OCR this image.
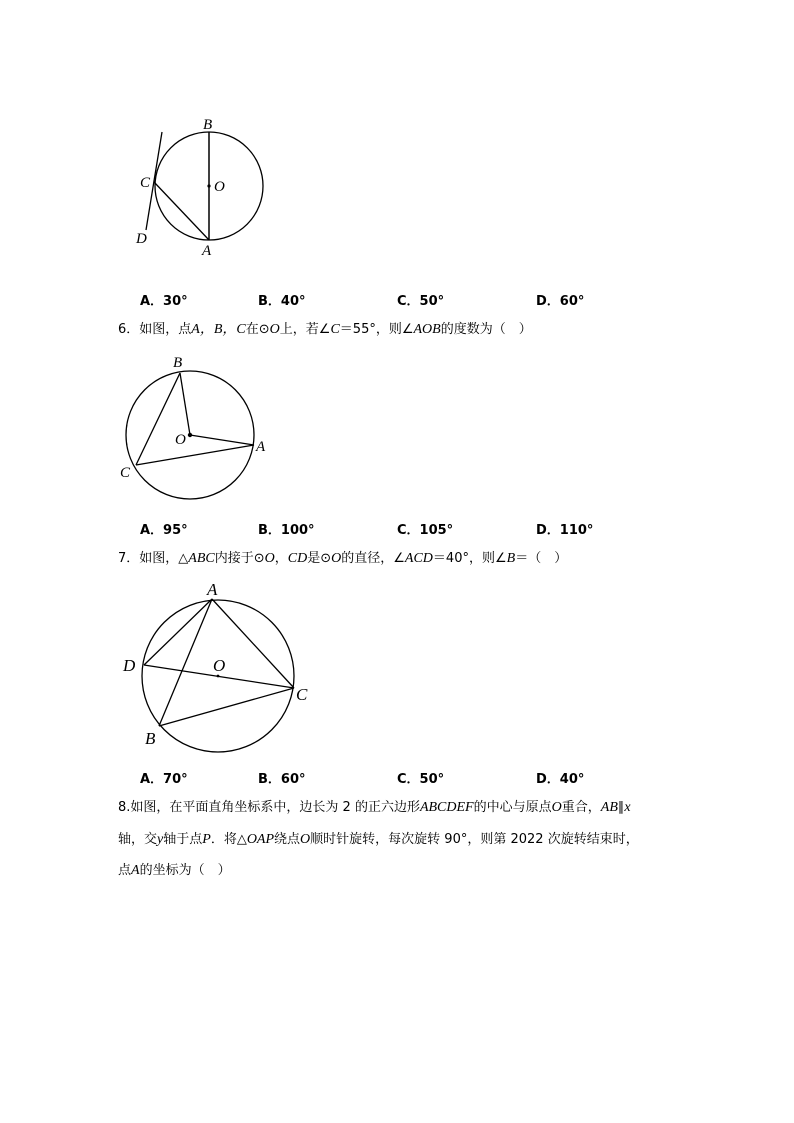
B
O
C
D
A
A．30°	B．40°	C．50°	D．60°
6．如图，点A，B，C在⊙O上，若∠C＝55°，则∠AOB的度数为（　）
B
O	A
C
A．95°	B．100°	C．105°	D．110°
7．如图，△ABC内接于⊙O，CD是⊙O的直径，∠ACD＝40°，则∠B＝（　）
A
O
D
C
B
A．70°	B．60°	C．50°	D．40°
8.如图，在平面直角坐标系中，边长为 2 的正六边形ABCDEF的中心与原点O重合，AB∥x
轴，交y轴于点P．将△OAP绕点O顺时针旋转，每次旋转 90°，则第 2022 次旋转结束时，
点A的坐标为（　）
